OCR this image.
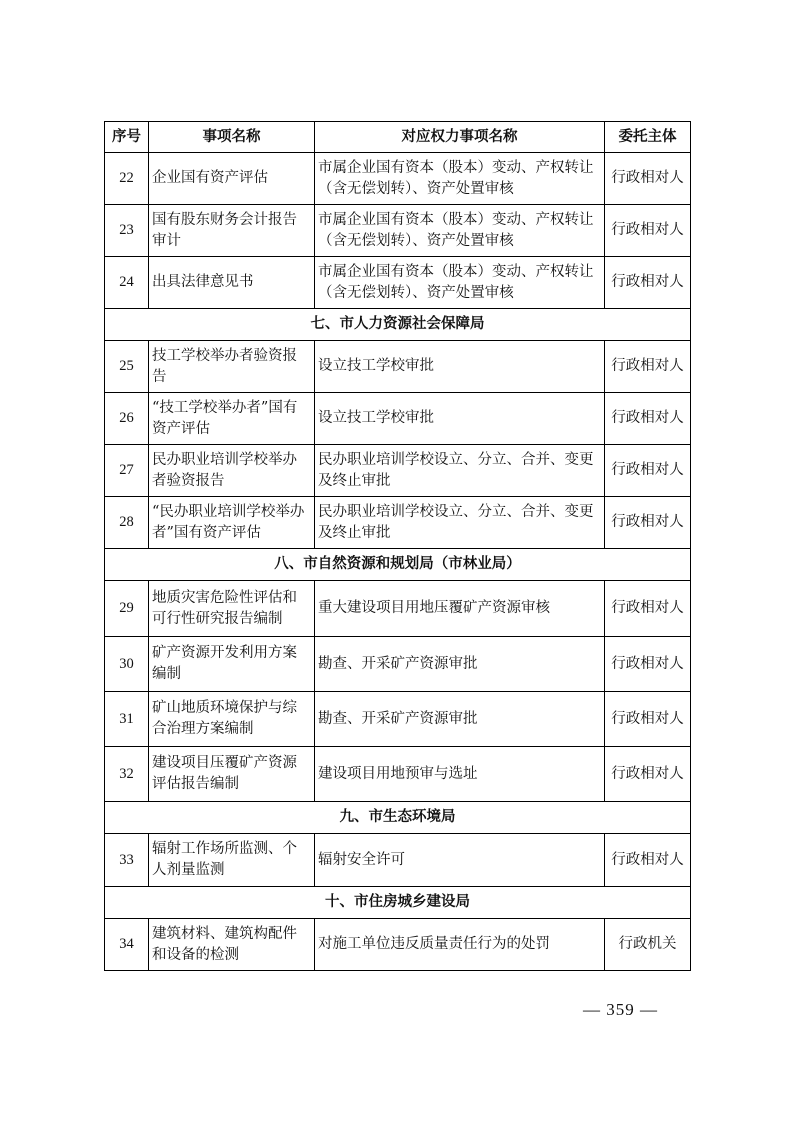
序号	事项名称	对应权力事项名称	委托主体
22	企业国有资产评估	市属企业国有资本（股本）变动、产权转让（含无偿划转）、资产处置审核	行政相对人
23	国有股东财务会计报告审计	市属企业国有资本（股本）变动、产权转让（含无偿划转）、资产处置审核	行政相对人
24	出具法律意见书	市属企业国有资本（股本）变动、产权转让（含无偿划转）、资产处置审核	行政相对人
七、市人力资源社会保障局			
25	技工学校举办者验资报告	设立技工学校审批	行政相对人
26	“技工学校举办者”国有资产评估	设立技工学校审批	行政相对人
27	民办职业培训学校举办者验资报告	民办职业培训学校设立、分立、合并、变更及终止审批	行政相对人
28	“民办职业培训学校举办者”国有资产评估	民办职业培训学校设立、分立、合并、变更及终止审批	行政相对人
八、市自然资源和规划局（市林业局）			
29	地质灾害危险性评估和可行性研究报告编制	重大建设项目用地压覆矿产资源审核	行政相对人
30	矿产资源开发利用方案编制	勘查、开采矿产资源审批	行政相对人
31	矿山地质环境保护与综合治理方案编制	勘查、开采矿产资源审批	行政相对人
32	建设项目压覆矿产资源评估报告编制	建设项目用地预审与选址	行政相对人
九、市生态环境局			
33	辐射工作场所监测、个人剂量监测	辐射安全许可	行政相对人
十、市住房城乡建设局			
34	建筑材料、建筑构配件和设备的检测	对施工单位违反质量责任行为的处罚	行政机关
— 359 —
